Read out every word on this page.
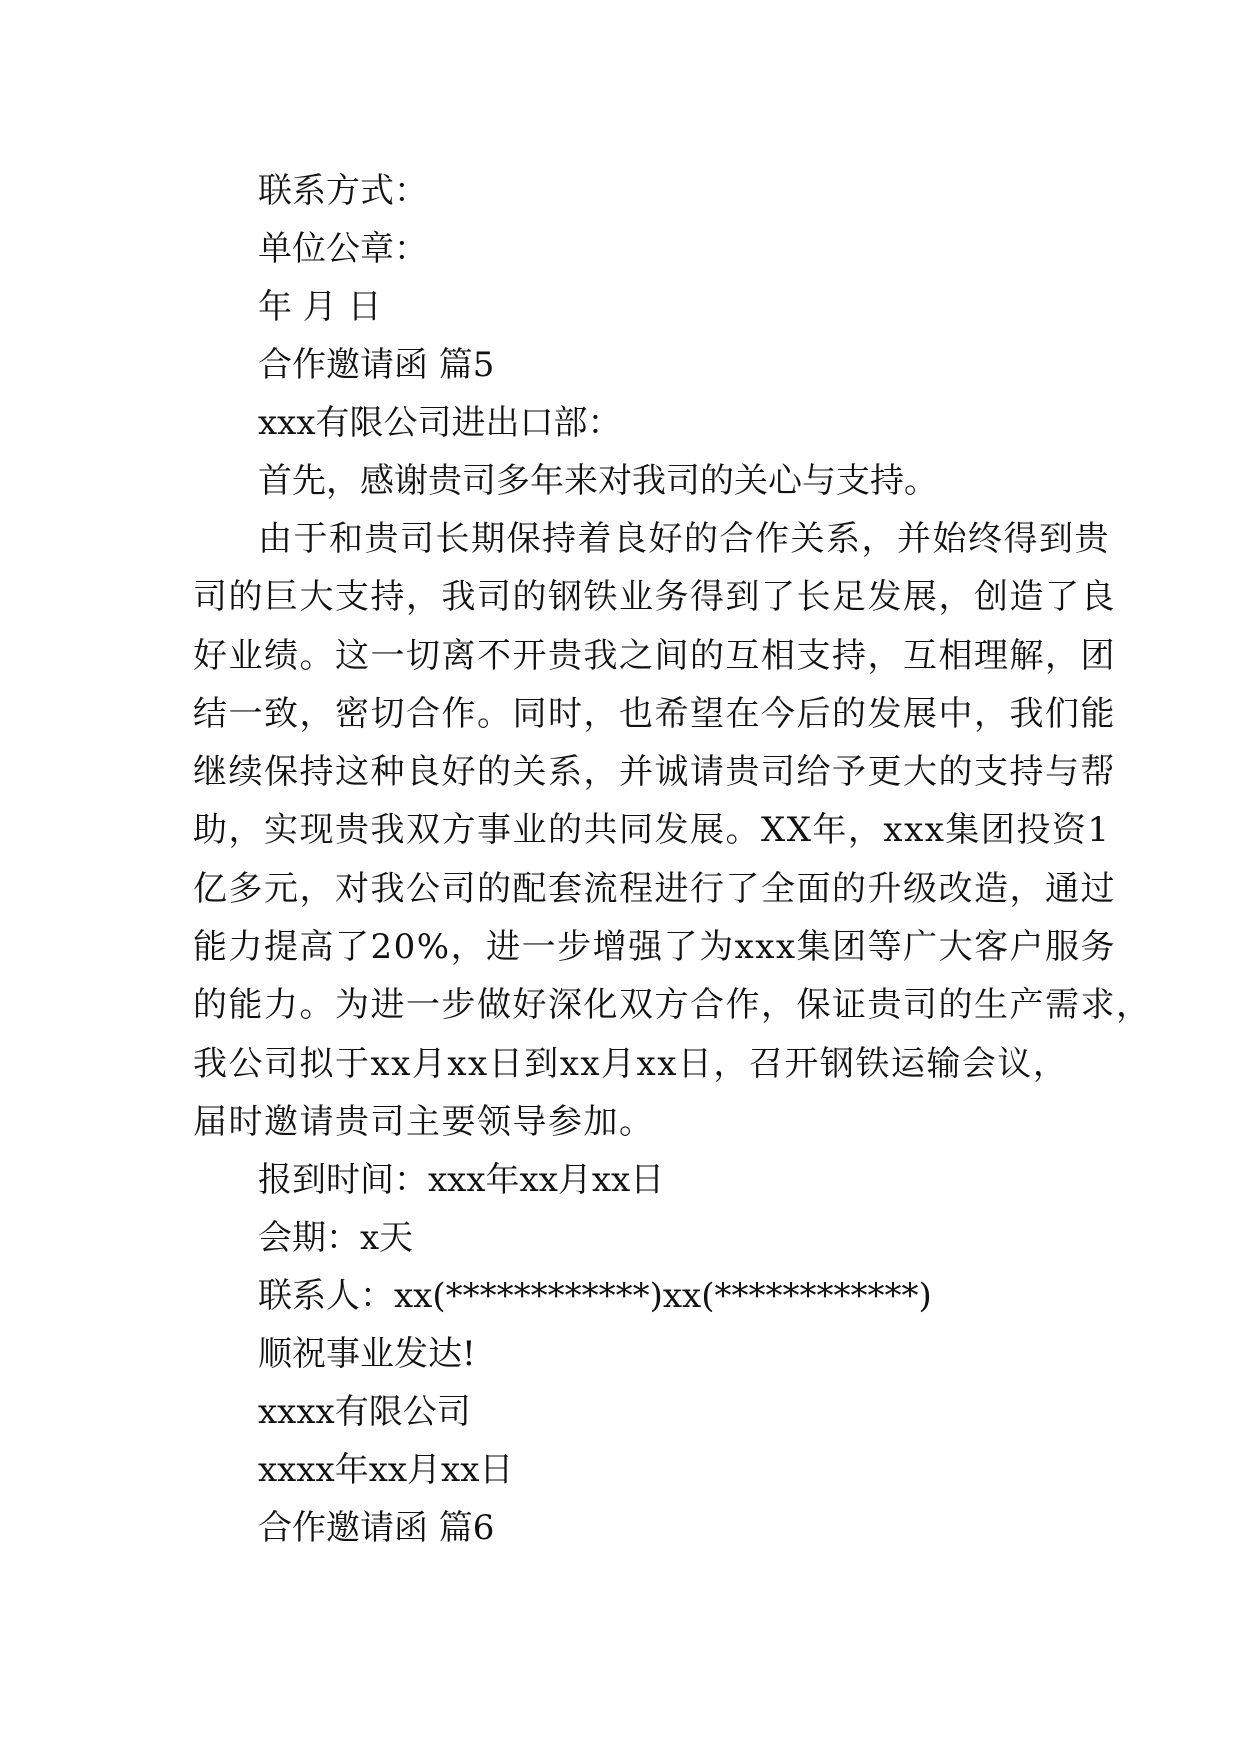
联系方式：
单位公章：
年 月 日
合作邀请函 篇5
xxx有限公司进出口部：
首先，感谢贵司多年来对我司的关心与支持。
由于和贵司长期保持着良好的合作关系，并始终得到贵
司的巨大支持，我司的钢铁业务得到了长足发展，创造了良
好业绩。这一切离不开贵我之间的互相支持，互相理解，团
结一致，密切合作。同时，也希望在今后的发展中，我们能
继续保持这种良好的关系，并诚请贵司给予更大的支持与帮
助，实现贵我双方事业的共同发展。XX年，xxx集团投资1
亿多元，对我公司的配套流程进行了全面的升级改造，通过
能力提高了20%，进一步增强了为xxx集团等广大客户服务
的能力。为进一步做好深化双方合作，保证贵司的生产需求，
我公司拟于xx月xx日到xx月xx日，召开钢铁运输会议，
届时邀请贵司主要领导参加。
报到时间：xxx年xx月xx日
会期：x天
联系人：xx(************)xx(************)
顺祝事业发达!
xxxx有限公司
xxxx年xx月xx日
合作邀请函 篇6
